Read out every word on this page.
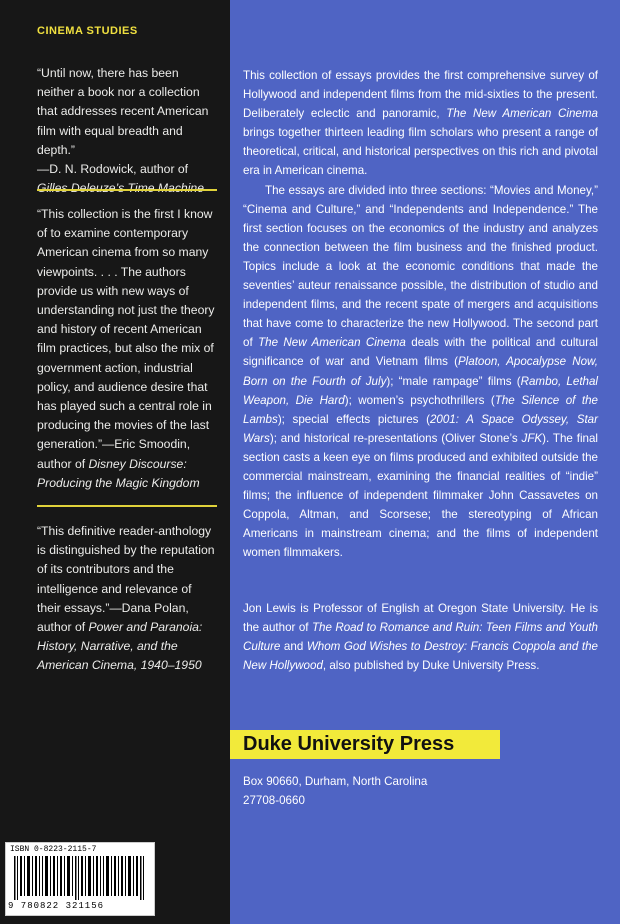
CINEMA STUDIES
“Until now, there has been neither a book nor a collection that addresses recent American film with equal breadth and depth.”
—D. N. Rodowick, author of

“This collection is the first I know of to examine contemporary American cinema from so many viewpoints. . . . The authors provide us with new ways of understanding not just the theory and history of recent American film practices, but also the mix of government action, industrial policy, and audience desire that has played such a central role in producing the movies of the last generation.”—Eric Smoodin, author of Disney Discourse: Producing the Magic Kingdom
“This definitive reader-anthology is distinguished by the reputation of its contributors and the intelligence and relevance of their essays.”—Dana Polan, author of Power and Paranoia: History, Narrative, and the American Cinema, 1940–1950
ISBN 0-8223-2115-7
9 780822 321156

This collection of essays provides the first comprehensive survey of Hollywood and independent films from the mid-sixties to the present. Deliberately eclectic and panoramic, The New American Cinema brings together thirteen leading film scholars who present a range of theoretical, critical, and historical perspectives on this rich and pivotal era in American cinema.

The essays are divided into three sections: “Movies and Money,” “Cinema and Culture,” and “Independents and Independence.” The first section focuses on the economics of the industry and analyzes the connection between the film business and the finished product. Topics include a look at the economic conditions that made the seventies’ auteur renaissance possible, the distribution of studio and independent films, and the recent spate of mergers and acquisitions that have come to characterize the new Hollywood. The second part of The New American Cinema deals with the political and cultural significance of war and Vietnam films (Platoon, Apocalypse Now, Born on the Fourth of July); “male rampage” films (Rambo, Lethal Weapon, Die Hard); women’s psychothrillers (The Silence of the Lambs); special effects pictures (2001: A Space Odyssey, Star Wars); and historical re-presentations (Oliver Stone’s JFK). The final section casts a keen eye on films produced and exhibited outside the commercial mainstream, examining the financial realities of “indie” films; the influence of independent filmmaker John Cassavetes on Coppola, Altman, and Scorsese; the stereotyping of African Americans in mainstream cinema; and the films of independent women filmmakers.

Jon Lewis is Professor of English at Oregon State University. He is the author of The Road to Romance and Ruin: Teen Films and Youth Culture and Whom God Wishes to Destroy: Francis Coppola and the New Hollywood, also published by Duke University Press.
Duke University Press
Box 90660, Durham, North Carolina
27708-0660
